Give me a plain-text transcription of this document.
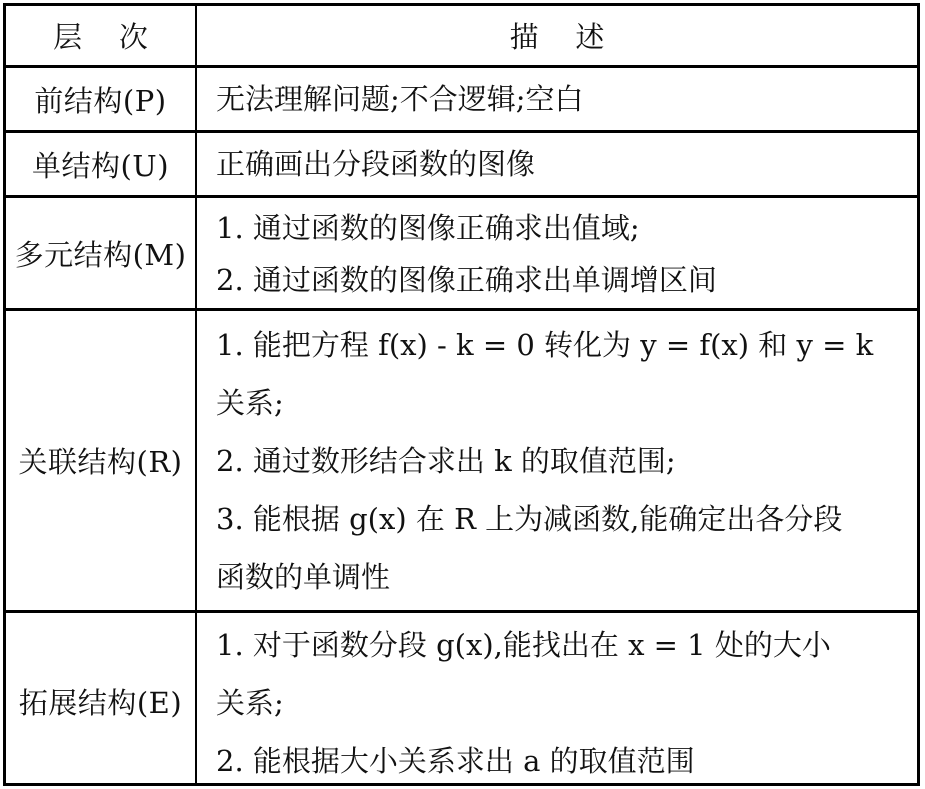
层    次	描    述
前结构(P) 无法理解问题;不合逻辑;空白
单结构(U) 正确画出分段函数的图像
多元结构(M)
1. 通过函数的图像正确求出值域;
2. 通过函数的图像正确求出单调增区间
关联结构(R)
1. 能把方程 f(x) - k = 0 转化为 y = f(x) 和 y = k
关系;
2. 通过数形结合求出 k 的取值范围;
3. 能根据 g(x) 在 R 上为减函数,能确定出各分段
函数的单调性
拓展结构(E)
1. 对于函数分段 g(x),能找出在 x = 1 处的大小
关系;
2. 能根据大小关系求出 a 的取值范围
